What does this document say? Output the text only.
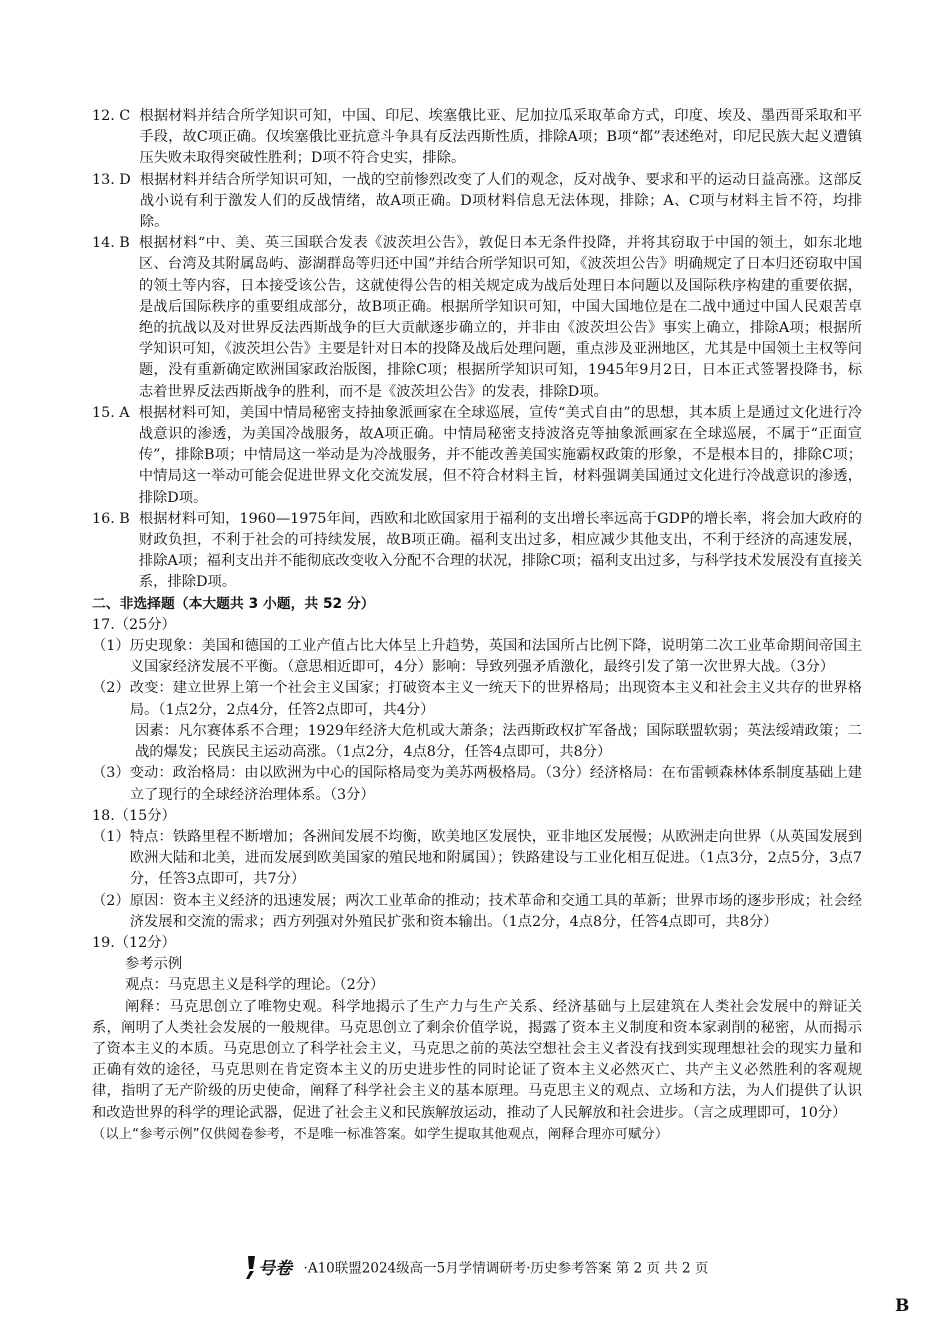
12. C
根据材料并结合所学知识可知，中国、印尼、埃塞俄比亚、尼加拉瓜采取革命方式，印度、埃及、墨西哥采取和平手段，故C项正确。仅埃塞俄比亚抗意斗争具有反法西斯性质，排除A项；B项“都”表述绝对，印尼民族大起义遭镇压失败未取得突破性胜利；D项不符合史实，排除。
13. D
根据材料并结合所学知识可知，一战的空前惨烈改变了人们的观念，反对战争、要求和平的运动日益高涨。这部反战小说有利于激发人们的反战情绪，故A项正确。D项材料信息无法体现，排除；A、C项与材料主旨不符，均排除。
14. B
根据材料“中、美、英三国联合发表《波茨坦公告》，敦促日本无条件投降，并将其窃取于中国的领土，如东北地区、台湾及其附属岛屿、澎湖群岛等归还中国”并结合所学知识可知，《波茨坦公告》明确规定了日本归还窃取中国的领土等内容，日本接受该公告，这就使得公告的相关规定成为战后处理日本问题以及国际秩序构建的重要依据，是战后国际秩序的重要组成部分，故B项正确。根据所学知识可知，中国大国地位是在二战中通过中国人民艰苦卓绝的抗战以及对世界反法西斯战争的巨大贡献逐步确立的，并非由《波茨坦公告》事实上确立，排除A项；根据所学知识可知，《波茨坦公告》主要是针对日本的投降及战后处理问题，重点涉及亚洲地区，尤其是中国领土主权等问题，没有重新确定欧洲国家政治版图，排除C项；根据所学知识可知，1945年9月2日，日本正式签署投降书，标志着世界反法西斯战争的胜利，而不是《波茨坦公告》的发表，排除D项。
15. A
根据材料可知，美国中情局秘密支持抽象派画家在全球巡展，宣传“美式自由”的思想，其本质上是通过文化进行冷战意识的渗透，为美国冷战服务，故A项正确。中情局秘密支持波洛克等抽象派画家在全球巡展，不属于“正面宣传”，排除B项；中情局这一举动是为冷战服务，并不能改善美国实施霸权政策的形象，不是根本目的，排除C项；中情局这一举动可能会促进世界文化交流发展，但不符合材料主旨，材料强调美国通过文化进行冷战意识的渗透，排除D项。
16. B
根据材料可知，1960—1975年间，西欧和北欧国家用于福利的支出增长率远高于GDP的增长率，将会加大政府的财政负担，不利于社会的可持续发展，故B项正确。福利支出过多，相应减少其他支出，不利于经济的高速发展，排除A项；福利支出并不能彻底改变收入分配不合理的状况，排除C项；福利支出过多，与科学技术发展没有直接关系，排除D项。
二、非选择题（本大题共 3 小题，共 52 分）
17.（25分）
（1） 历史现象：美国和德国的工业产值占比大体呈上升趋势，英国和法国所占比例下降，说明第二次工业革命期间帝国主义国家经济发展不平衡。（意思相近即可，4分）影响：导致列强矛盾激化，最终引发了第一次世界大战。（3分）
（2） 改变：建立世界上第一个社会主义国家；打破资本主义一统天下的世界格局；出现资本主义和社会主义共存的世界格局。（1点2分，2点4分，任答2点即可，共4分）
因素：凡尔赛体系不合理；1929年经济大危机或大萧条；法西斯政权扩军备战；国际联盟软弱；英法绥靖政策；二战的爆发；民族民主运动高涨。（1点2分，4点8分，任答4点即可，共8分）
（3） 变动：政治格局：由以欧洲为中心的国际格局变为美苏两极格局。（3分）经济格局：在布雷顿森林体系制度基础上建立了现行的全球经济治理体系。（3分）
18.（15分）
（1） 特点：铁路里程不断增加；各洲间发展不均衡，欧美地区发展快，亚非地区发展慢；从欧洲走向世界（从英国发展到欧洲大陆和北美，进而发展到欧美国家的殖民地和附属国）；铁路建设与工业化相互促进。（1点3分，2点5分，3点7分，任答3点即可，共7分）
（2） 原因：资本主义经济的迅速发展；两次工业革命的推动；技术革命和交通工具的革新；世界市场的逐步形成；社会经济发展和交流的需求；西方列强对外殖民扩张和资本输出。（1点2分，4点8分，任答4点即可，共8分）
19.（12分）
参考示例
观点：马克思主义是科学的理论。（2分）
阐释：马克思创立了唯物史观。科学地揭示了生产力与生产关系、经济基础与上层建筑在人类社会发展中的辩证关系，阐明了人类社会发展的一般规律。马克思创立了剩余价值学说，揭露了资本主义制度和资本家剥削的秘密，从而揭示了资本主义的本质。马克思创立了科学社会主义，马克思之前的英法空想社会主义者没有找到实现理想社会的现实力量和正确有效的途径，马克思则在肯定资本主义的历史进步性的同时论证了资本主义必然灭亡、共产主义必然胜利的客观规律，指明了无产阶级的历史使命，阐释了科学社会主义的基本原理。马克思主义的观点、立场和方法，为人们提供了认识和改造世界的科学的理论武器，促进了社会主义和民族解放运动，推动了人民解放和社会进步。（言之成理即可，10分）
（以上“参考示例”仅供阅卷参考，不是唯一标准答案。如学生提取其他观点，阐释合理亦可赋分）
号卷 ·A10联盟2024级高一5月学情调研考·历史参考答案 第 2 页 共 2 页
B
